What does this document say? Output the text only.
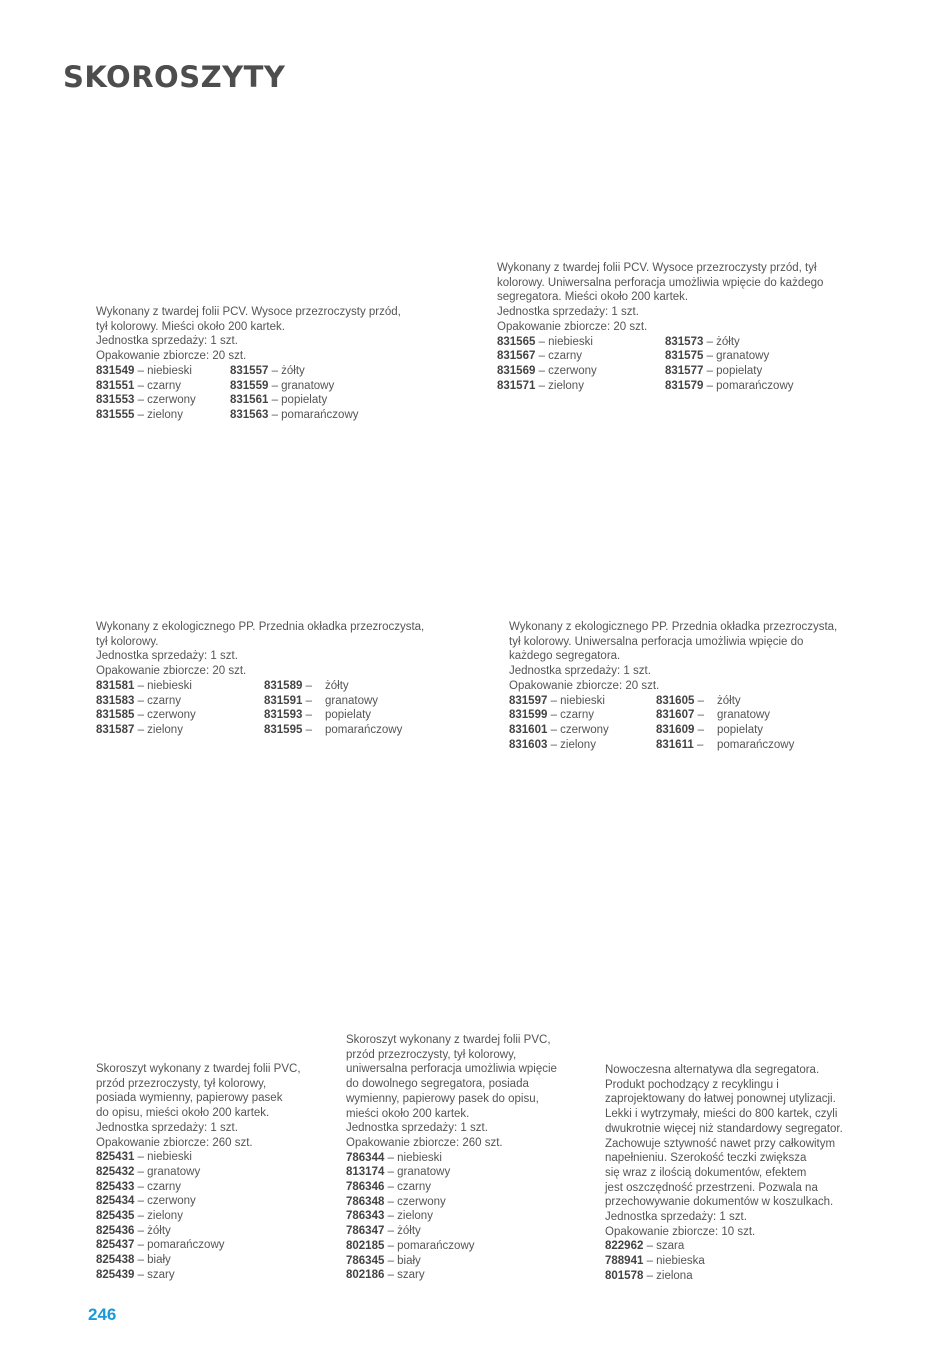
SKOROSZYTY
Wykonany z twardej folii PCV. Wysoce przezroczysty przód,
tył kolorowy. Mieści około 200 kartek.
Jednostka sprzedaży: 1 szt.
Opakowanie zbiorcze: 20 szt.
831549 – niebieski	831557 – żółty
831551 – czarny	831559 – granatowy
831553 – czerwony	831561 – popielaty
831555 – zielony	831563 – pomarańczowy
Wykonany z twardej folii PCV. Wysoce przezroczysty przód, tył
kolorowy. Uniwersalna perforacja umożliwia wpięcie do każdego
segregatora. Mieści około 200 kartek.
Jednostka sprzedaży: 1 szt.
Opakowanie zbiorcze: 20 szt.
831565 – niebieski	831573 – żółty
831567 – czarny	831575 – granatowy
831569 – czerwony	831577 – popielaty
831571 – zielony	831579 – pomarańczowy
Wykonany z ekologicznego PP. Przednia okładka przezroczysta,
tył kolorowy.
Jednostka sprzedaży: 1 szt.
Opakowanie zbiorcze: 20 szt.
831581 – niebieski	831589 – żółty
831583 – czarny	831591 – granatowy
831585 – czerwony	831593 – popielaty
831587 – zielony	831595 – pomarańczowy
Wykonany z ekologicznego PP. Przednia okładka przezroczysta,
tył kolorowy. Uniwersalna perforacja umożliwia wpięcie do
każdego segregatora.
Jednostka sprzedaży: 1 szt.
Opakowanie zbiorcze: 20 szt.
831597 – niebieski	831605 – żółty
831599 – czarny	831607 – granatowy
831601 – czerwony	831609 – popielaty
831603 – zielony	831611 – pomarańczowy
Skoroszyt wykonany z twardej folii PVC,
przód przezroczysty, tył kolorowy,
posiada wymienny, papierowy pasek
do opisu, mieści około 200 kartek.
Jednostka sprzedaży: 1 szt.
Opakowanie zbiorcze: 260 szt.
825431 – niebieski
825432 – granatowy
825433 – czarny
825434 – czerwony
825435 – zielony
825436 – żółty
825437 – pomarańczowy
825438 – biały
825439 – szary
Skoroszyt wykonany z twardej folii PVC,
przód przezroczysty, tył kolorowy,
uniwersalna perforacja umożliwia wpięcie
do dowolnego segregatora, posiada
wymienny, papierowy pasek do opisu,
mieści około 200 kartek.
Jednostka sprzedaży: 1 szt.
Opakowanie zbiorcze: 260 szt.
786344 – niebieski
813174 – granatowy
786346 – czarny
786348 – czerwony
786343 – zielony
786347 – żółty
802185 – pomarańczowy
786345 – biały
802186 – szary
Nowoczesna alternatywa dla segregatora.
Produkt pochodzący z recyklingu i
zaprojektowany do łatwej ponownej utylizacji.
Lekki i wytrzymały, mieści do 800 kartek, czyli
dwukrotnie więcej niż standardowy segregator.
Zachowuje sztywność nawet przy całkowitym
napełnieniu. Szerokość teczki zwiększa
się wraz z ilością dokumentów, efektem
jest oszczędność przestrzeni. Pozwala na
przechowywanie dokumentów w koszulkach.
Jednostka sprzedaży: 1 szt.
Opakowanie zbiorcze: 10 szt.
822962 – szara
788941 – niebieska
801578 – zielona
246
